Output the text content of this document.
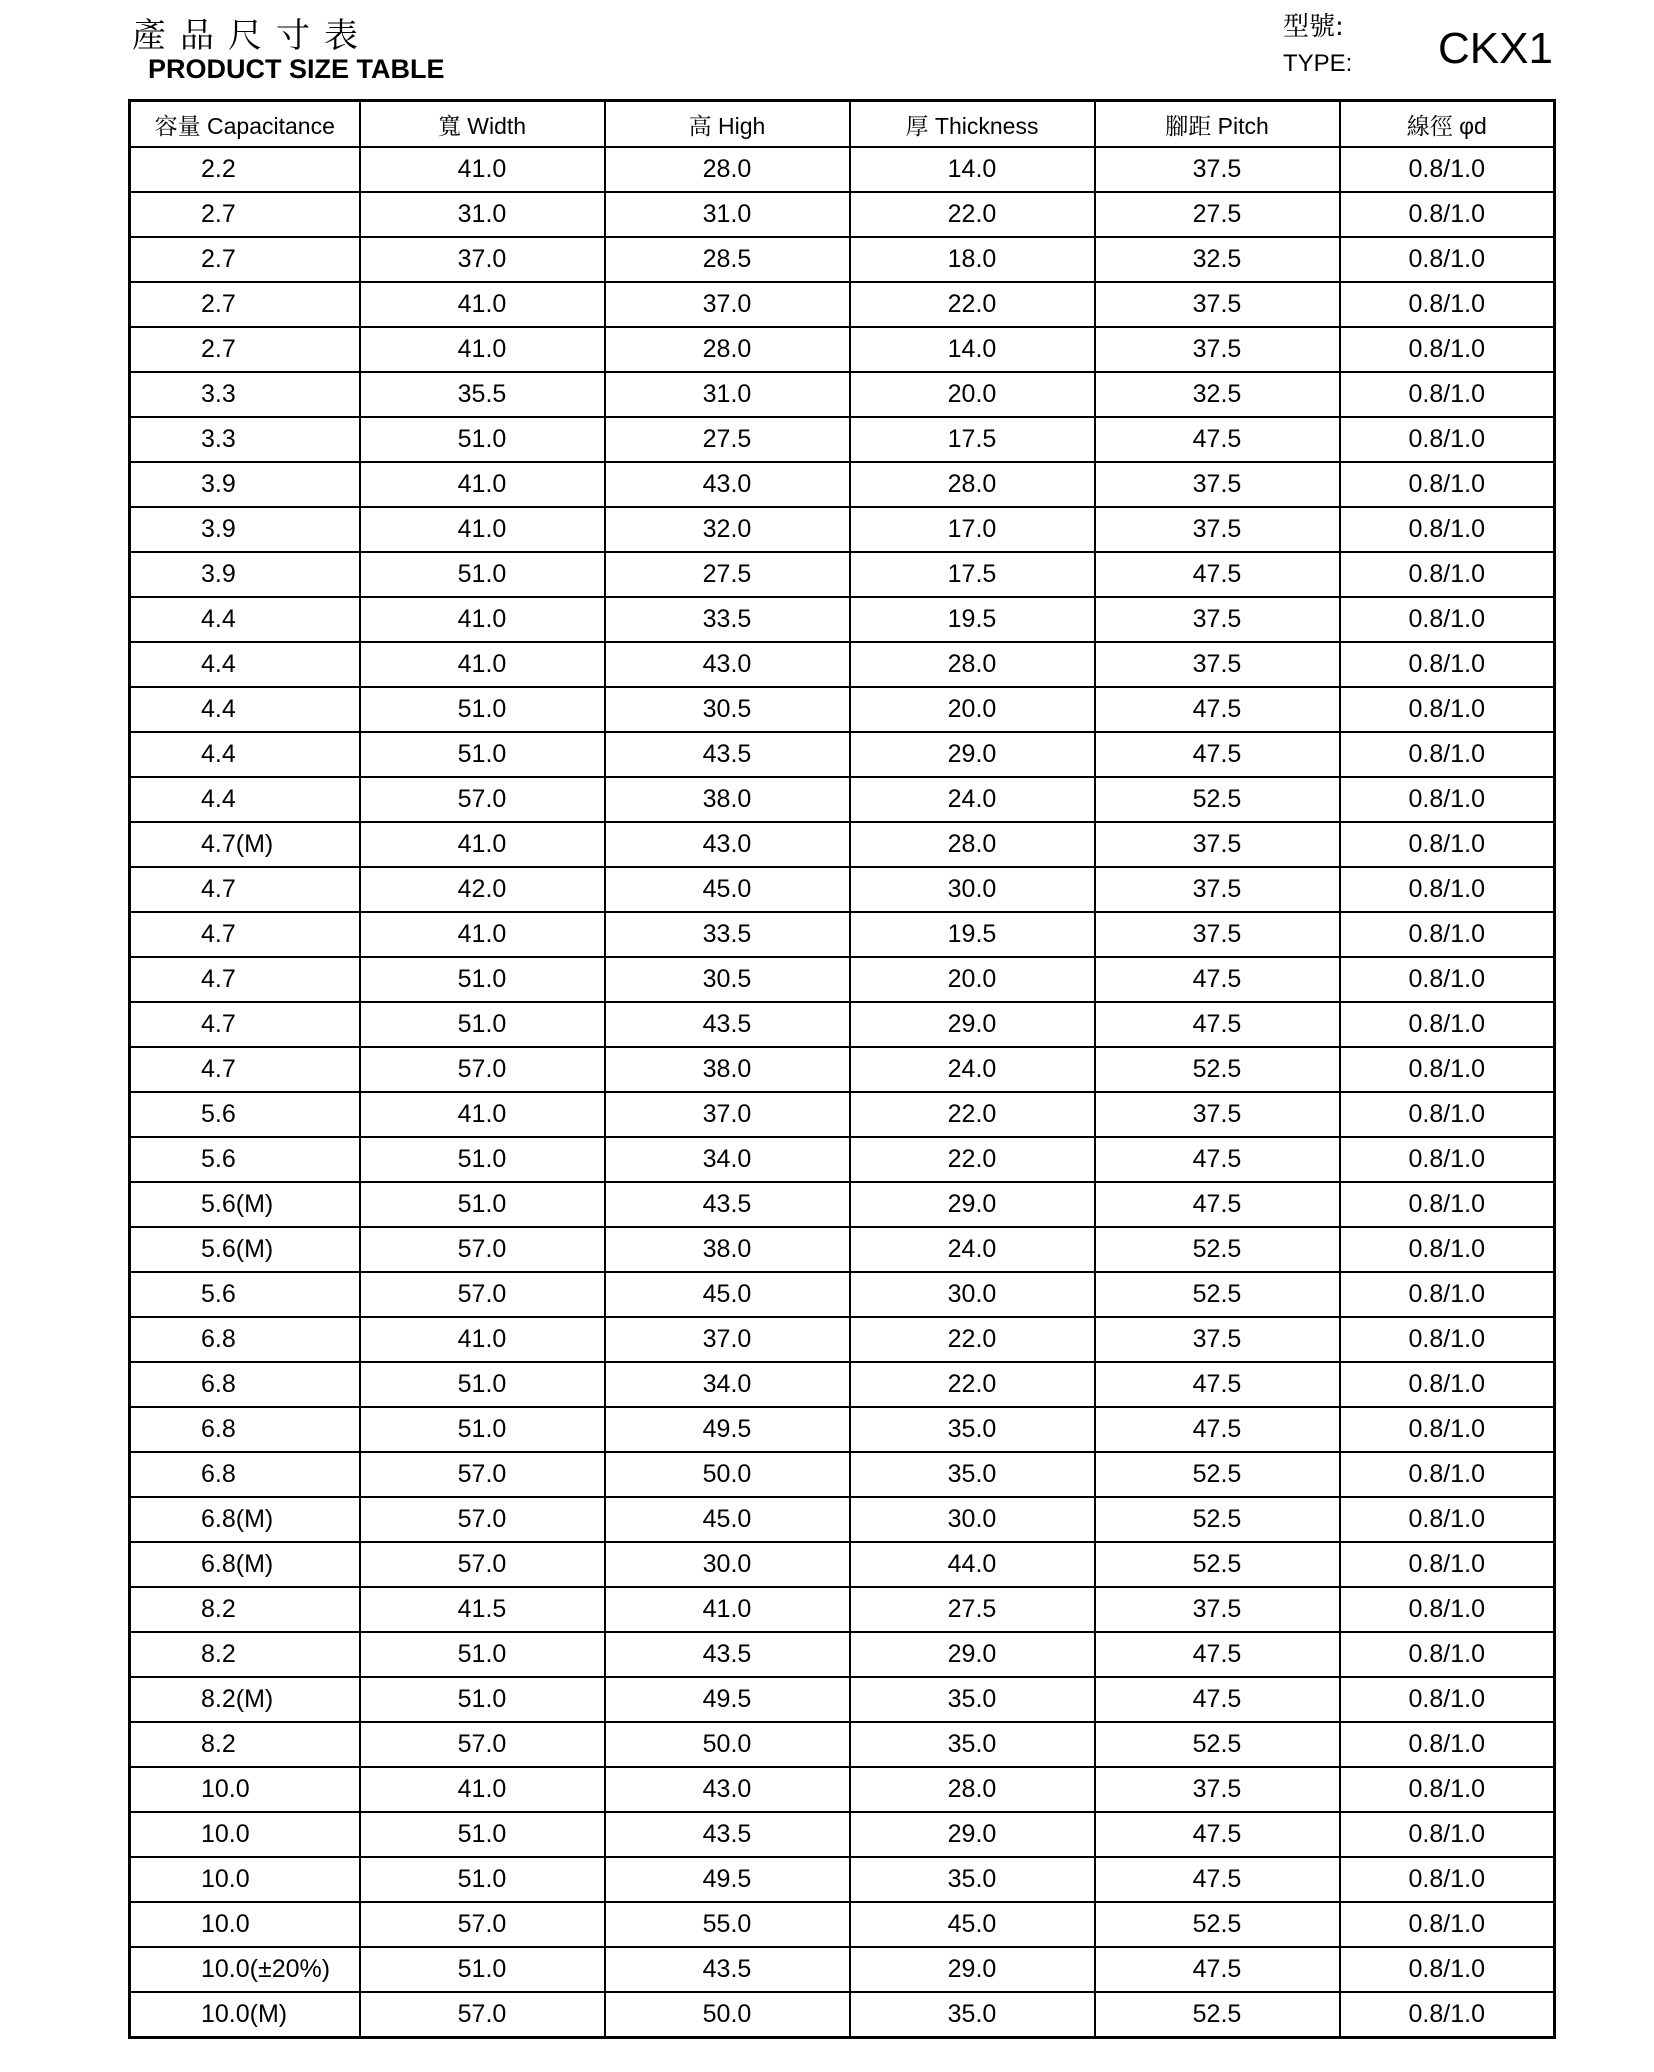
產品尺寸表
PRODUCT SIZE TABLE
型號:
TYPE: CKX1
容量 Capacitance	寬 Width	高 High	厚 Thickness	腳距 Pitch	線徑 φd
2.2	41.0	28.0	14.0	37.5	0.8/1.0
2.7	31.0	31.0	22.0	27.5	0.8/1.0
2.7	37.0	28.5	18.0	32.5	0.8/1.0
2.7	41.0	37.0	22.0	37.5	0.8/1.0
2.7	41.0	28.0	14.0	37.5	0.8/1.0
3.3	35.5	31.0	20.0	32.5	0.8/1.0
3.3	51.0	27.5	17.5	47.5	0.8/1.0
3.9	41.0	43.0	28.0	37.5	0.8/1.0
3.9	41.0	32.0	17.0	37.5	0.8/1.0
3.9	51.0	27.5	17.5	47.5	0.8/1.0
4.4	41.0	33.5	19.5	37.5	0.8/1.0
4.4	41.0	43.0	28.0	37.5	0.8/1.0
4.4	51.0	30.5	20.0	47.5	0.8/1.0
4.4	51.0	43.5	29.0	47.5	0.8/1.0
4.4	57.0	38.0	24.0	52.5	0.8/1.0
4.7(M)	41.0	43.0	28.0	37.5	0.8/1.0
4.7	42.0	45.0	30.0	37.5	0.8/1.0
4.7	41.0	33.5	19.5	37.5	0.8/1.0
4.7	51.0	30.5	20.0	47.5	0.8/1.0
4.7	51.0	43.5	29.0	47.5	0.8/1.0
4.7	57.0	38.0	24.0	52.5	0.8/1.0
5.6	41.0	37.0	22.0	37.5	0.8/1.0
5.6	51.0	34.0	22.0	47.5	0.8/1.0
5.6(M)	51.0	43.5	29.0	47.5	0.8/1.0
5.6(M)	57.0	38.0	24.0	52.5	0.8/1.0
5.6	57.0	45.0	30.0	52.5	0.8/1.0
6.8	41.0	37.0	22.0	37.5	0.8/1.0
6.8	51.0	34.0	22.0	47.5	0.8/1.0
6.8	51.0	49.5	35.0	47.5	0.8/1.0
6.8	57.0	50.0	35.0	52.5	0.8/1.0
6.8(M)	57.0	45.0	30.0	52.5	0.8/1.0
6.8(M)	57.0	30.0	44.0	52.5	0.8/1.0
8.2	41.5	41.0	27.5	37.5	0.8/1.0
8.2	51.0	43.5	29.0	47.5	0.8/1.0
8.2(M)	51.0	49.5	35.0	47.5	0.8/1.0
8.2	57.0	50.0	35.0	52.5	0.8/1.0
10.0	41.0	43.0	28.0	37.5	0.8/1.0
10.0	51.0	43.5	29.0	47.5	0.8/1.0
10.0	51.0	49.5	35.0	47.5	0.8/1.0
10.0	57.0	55.0	45.0	52.5	0.8/1.0
10.0(±20%)	51.0	43.5	29.0	47.5	0.8/1.0
10.0(M)	57.0	50.0	35.0	52.5	0.8/1.0
